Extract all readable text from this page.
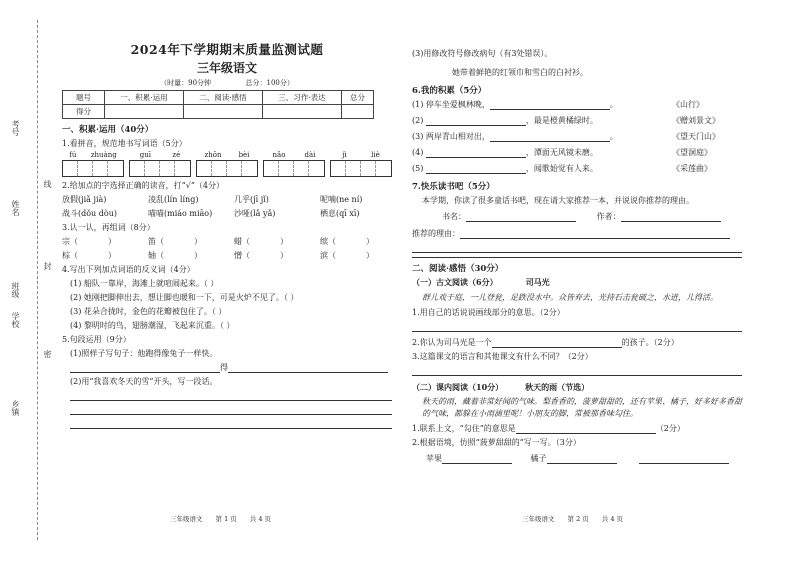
考号
姓名
班级
学校
乡镇
线
封
密
2024年下学期期末质量监测试题
三年级语文
（时量：90分钟	总分：100分）
题号	一、积累·运用	二、阅读·感悟	三、习作·表达	总分
得分				
一、积累·运用（40分）
1.看拼音，规范地书写词语（5分）
fú zhuàng	guī	zé	zhōn bèi	nǎo	dài	jì	liè
2.给加点的字选择正确的读音，打“√”（4分）
放假(jiǎ jià)	凌乱(lín líng)	几乎(jī jǐ)	呢喃(ne ní)
战斗(dǒu dòu)	喵喵(miáo miāo)	沙哑(lǎ yǎ)	栖息(qī xī)
3.认一认，再组词（8分）
宗（	）	笛（	）	蜡（	）	缤（	）
棕（	）	轴（	）	憎（	）	滨（	）
4.写出下列加点词语的反义词（4分）
(1) 船队一靠岸，海滩上就喧闹起来。（ ）
(2) 她刚把脚伸出去，想让脚也暖和一下，可是火炉不见了。（ ）
(3) 花朵合拢时，金色的花瓣被包住了。（ ）
(4) 黎明时的鸟，翅膀潮湿，飞起来沉重。（ ）
5.句段运用（9分）
(1)照样子写句子：他跑得像兔子一样快。
得
(2)用“我喜欢冬天的雪”开头，写一段话。
三年级语文　　第 1 页　　共 4 页
(3)用修改符号修改病句（有3处错误）。
她带着鲜艳的红领巾和雪白的白衬衫。
6.我的积累（5分）
(1) 停车坐爱枫林晚，	。	《山行》
(2)	，最是橙黄橘绿时。	《赠刘景文》
(3) 两岸青山相对出，	。	《望天门山》
(4)	，潭面无风镜未磨。	《望洞庭》
(5)	，闻歌始觉有人来。	《采莲曲》
7.快乐读书吧（5分）
本学期，你读了很多童话书吧，现在请大家推荐一本，并说说你推荐的理由。
书名：	作者：
推荐的理由：
二、阅读·感悟（30分）
（一）古文阅读（6分）	司马光
群儿戏于庭，一儿登瓮，足跌没水中。众皆弃去，光持石击瓮破之，水迸，儿得活。
1.用自己的话说说画线部分的意思。（2分）
2.你认为司马光是一个	的孩子。（2分）
3.这篇课文的语言和其他课文有什么不同？（2分）
（二）课内阅读（10分）	秋天的雨（节选）
秋天的雨，藏着非常好闻的气味。梨香香的，菠萝甜甜的，还有苹果、橘子，好多好多香甜的气味，都躲在小雨滴里呢！小朋友的脚，常被那香味勾住。
1.联系上文，“勾住”的意思是	（2分）
2.根据语境，仿照“菠萝甜甜的”写一写。（3分）
苹果	橘子
三年级语文　　第 2 页　　共 4 页
